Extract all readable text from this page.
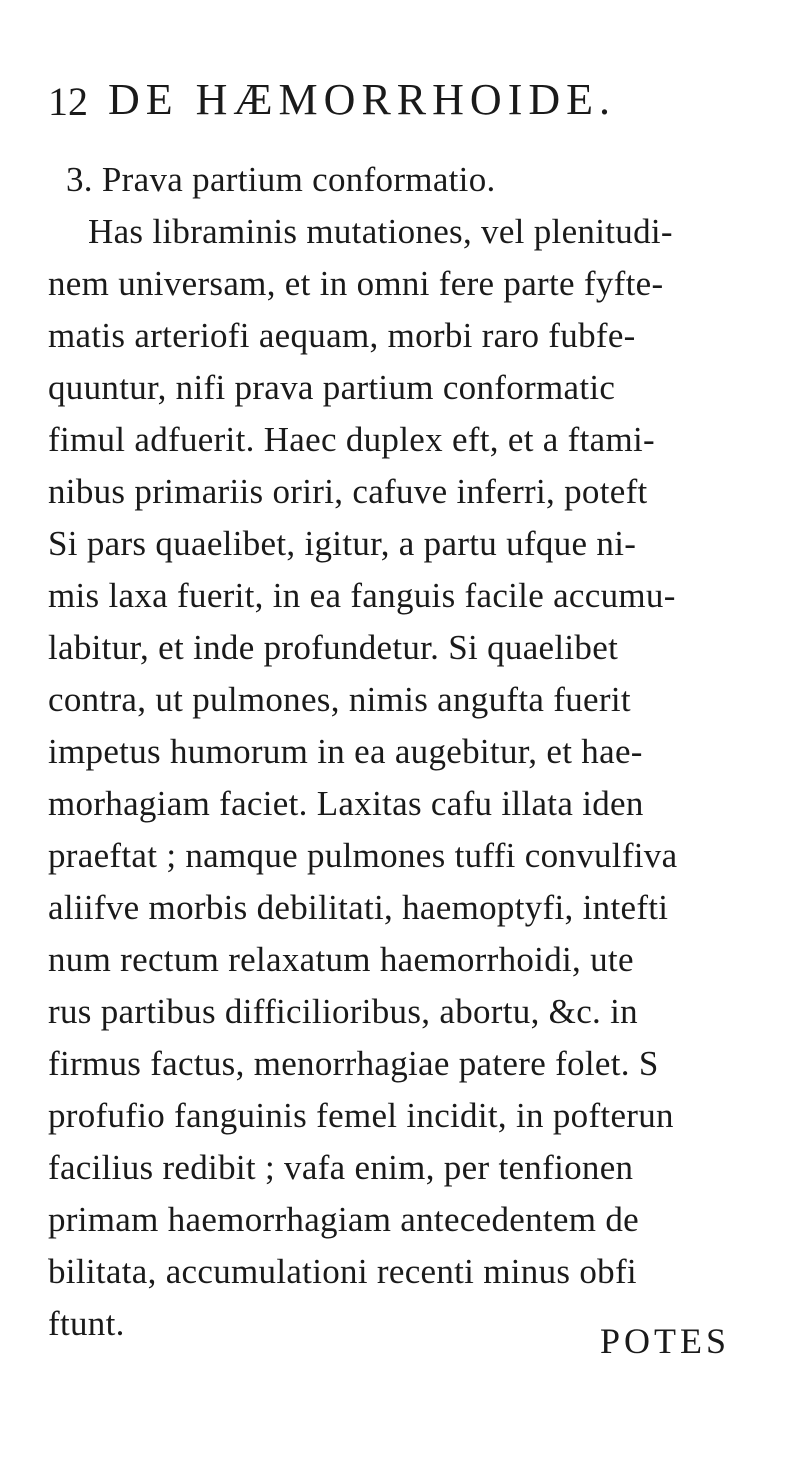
12 DE HÆMORRHOIDE.
3. Prava partium conformatio.
Has libraminis mutationes, vel plenitudi-
nem universam, et in omni fere parte fyfte-
matis arteriofi aequam, morbi raro fubfe-
quuntur, nifi prava partium conformatic
fimul adfuerit. Haec duplex eft, et a ftami-
nibus primariis oriri, cafuve inferri, poteft
Si pars quaelibet, igitur, a partu ufque ni-
mis laxa fuerit, in ea fanguis facile accumu-
labitur, et inde profundetur. Si quaelibet
contra, ut pulmones, nimis angufta fuerit
impetus humorum in ea augebitur, et hae-
morhagiam faciet. Laxitas cafu illata iden
praeftat ; namque pulmones tuffi convulfiva
aliifve morbis debilitati, haemoptyfi, intefti
num rectum relaxatum haemorrhoidi, ute
rus partibus difficilioribus, abortu, &c. in
firmus factus, menorrhagiae patere folet. S
profufio fanguinis femel incidit, in pofterun
facilius redibit ; vafa enim, per tenfionen
primam haemorrhagiam antecedentem de
bilitata, accumulationi recenti minus obfi
ftunt.	POTES
